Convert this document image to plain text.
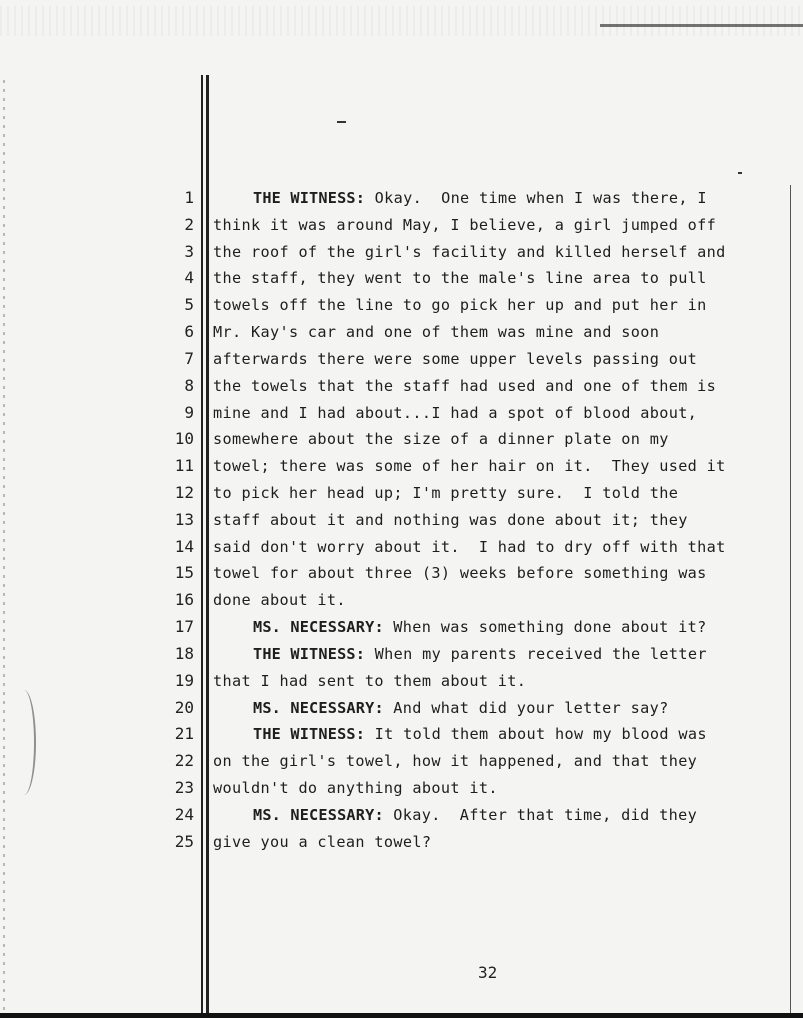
1	THE WITNESS: Okay.  One time when I was there, I
2 think it was around May, I believe, a girl jumped off
3 the roof of the girl's facility and killed herself and
4 the staff, they went to the male's line area to pull
5 towels off the line to go pick her up and put her in
6 Mr. Kay's car and one of them was mine and soon
7 afterwards there were some upper levels passing out
8 the towels that the staff had used and one of them is
9 mine and I had about...I had a spot of blood about,
10 somewhere about the size of a dinner plate on my
11 towel; there was some of her hair on it.  They used it
12 to pick her head up; I'm pretty sure.  I told the
13 staff about it and nothing was done about it; they
14 said don't worry about it.  I had to dry off with that
15 towel for about three (3) weeks before something was
16 done about it.
17	MS. NECESSARY: When was something done about it?
18	THE WITNESS: When my parents received the letter
19 that I had sent to them about it.
20	MS. NECESSARY: And what did your letter say?
21	THE WITNESS: It told them about how my blood was
22 on the girl's towel, how it happened, and that they
23 wouldn't do anything about it.
24	MS. NECESSARY: Okay.  After that time, did they
25 give you a clean towel?
32
